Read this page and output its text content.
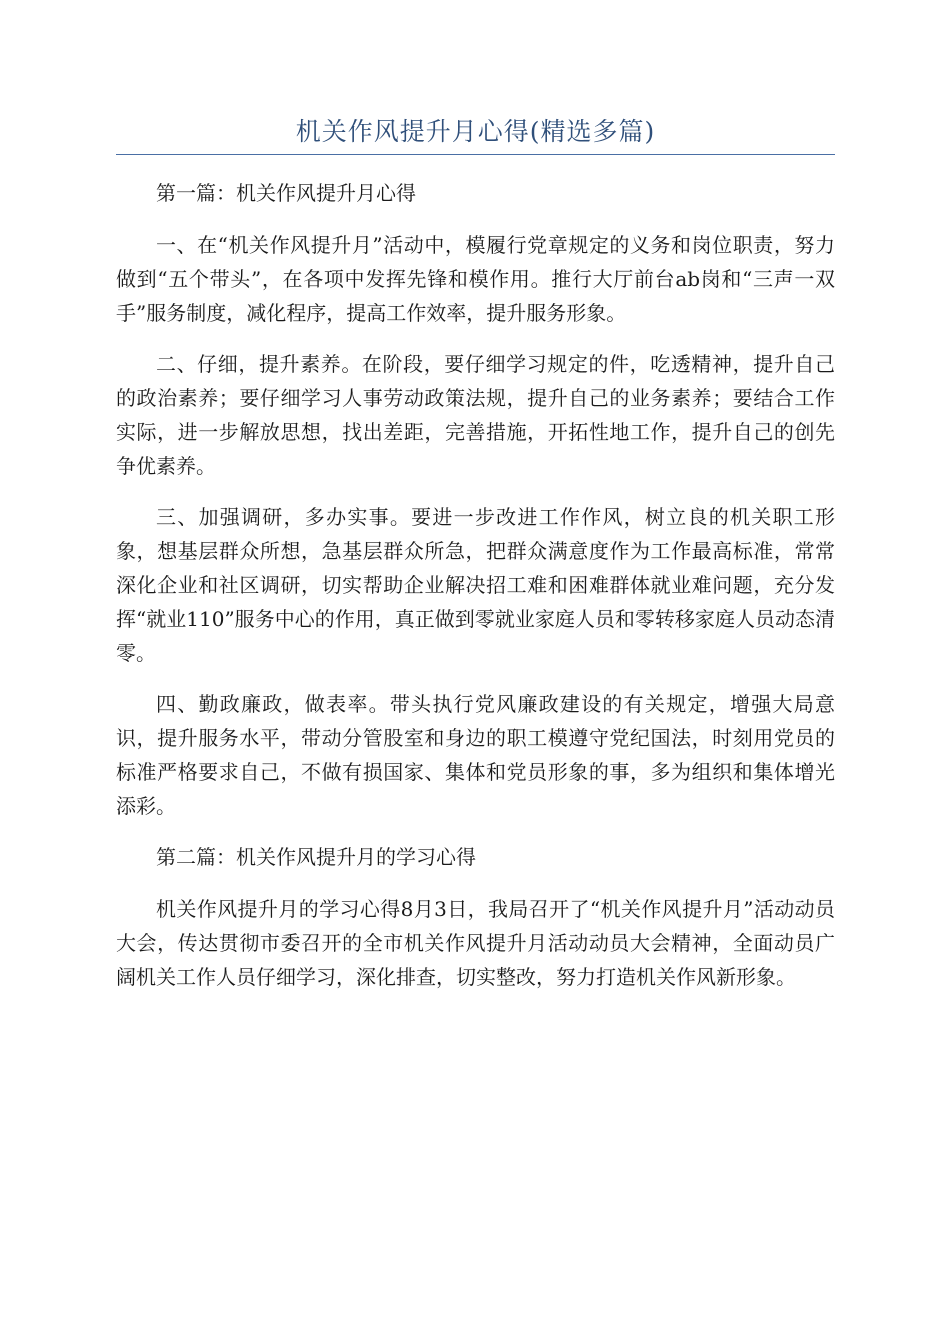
机关作风提升月心得(精选多篇)

第一篇：机关作风提升月心得

一、在“机关作风提升月”活动中，模履行党章规定的义务和岗位职责，努力做到“五个带头”，在各项中发挥先锋和模作用。推行大厅前台ab岗和“三声一双手”服务制度，减化程序，提高工作效率，提升服务形象。

二、仔细，提升素养。在阶段，要仔细学习规定的件，吃透精神，提升自己的政治素养；要仔细学习人事劳动政策法规，提升自己的业务素养；要结合工作实际，进一步解放思想，找出差距，完善措施，开拓性地工作，提升自己的创先争优素养。

三、加强调研，多办实事。要进一步改进工作作风，树立良的机关职工形象，想基层群众所想，急基层群众所急，把群众满意度作为工作最高标准，常常深化企业和社区调研，切实帮助企业解决招工难和困难群体就业难问题，充分发挥“就业110”服务中心的作用，真正做到零就业家庭人员和零转移家庭人员动态清零。

四、勤政廉政，做表率。带头执行党风廉政建设的有关规定，增强大局意识，提升服务水平，带动分管股室和身边的职工模遵守党纪国法，时刻用党员的标准严格要求自己，不做有损国家、集体和党员形象的事，多为组织和集体增光添彩。

第二篇：机关作风提升月的学习心得

机关作风提升月的学习心得8月3日，我局召开了“机关作风提升月”活动动员大会，传达贯彻市委召开的全市机关作风提升月活动动员大会精神，全面动员广阔机关工作人员仔细学习，深化排查，切实整改，努力打造机关作风新形象。
